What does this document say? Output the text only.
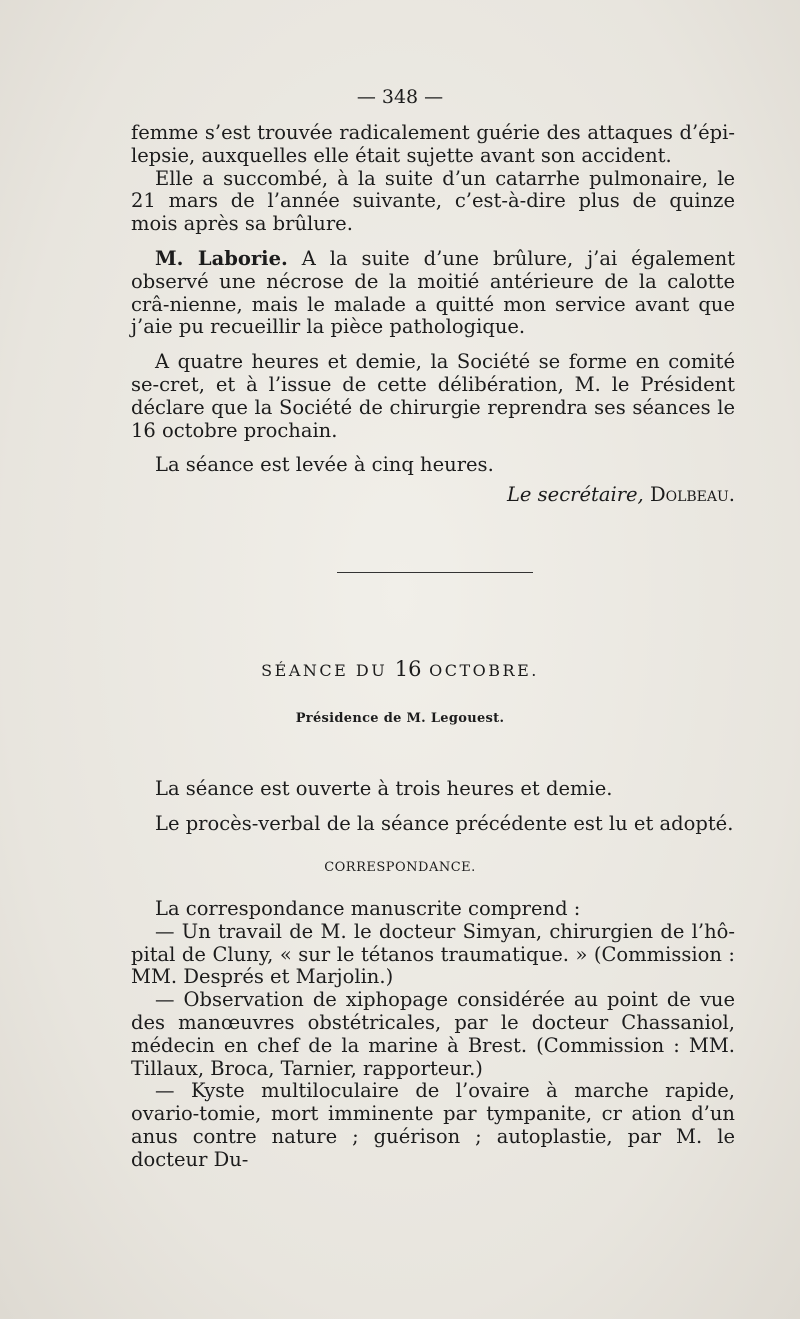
— 348 —

femme s’est trouvée radicalement guérie des attaques d’épi-lepsie, auxquelles elle était sujette avant son accident.

Elle a succombé, à la suite d’un catarrhe pulmonaire, le 21 mars de l’année suivante, c’est-à-dire plus de quinze mois après sa brûlure.

M. Laborie. A la suite d’une brûlure, j’ai également observé une nécrose de la moitié antérieure de la calotte crâ-nienne, mais le malade a quitté mon service avant que j’aie pu recueillir la pièce pathologique.

A quatre heures et demie, la Société se forme en comité se-cret, et à l’issue de cette délibération, M. le Président déclare que la Société de chirurgie reprendra ses séances le 16 octobre prochain.

La séance est levée à cinq heures.

Le secrétaire, Dolbeau.

SÉANCE DU 16 OCTOBRE.
Présidence de M. Legouest.

La séance est ouverte à trois heures et demie.

Le procès-verbal de la séance précédente est lu et adopté.

CORRESPONDANCE.

La correspondance manuscrite comprend :

— Un travail de M. le docteur Simyan, chirurgien de l’hô-pital de Cluny, « sur le tétanos traumatique. » (Commission : MM. Després et Marjolin.)

— Observation de xiphopage considérée au point de vue des manœuvres obstétricales, par le docteur Chassaniol, médecin en chef de la marine à Brest. (Commission : MM. Tillaux, Broca, Tarnier, rapporteur.)

— Kyste multiloculaire de l’ovaire à marche rapide, ovario-tomie, mort imminente par tympanite, cr ation d’un anus contre nature ; guérison ; autoplastie, par M. le docteur Du-
